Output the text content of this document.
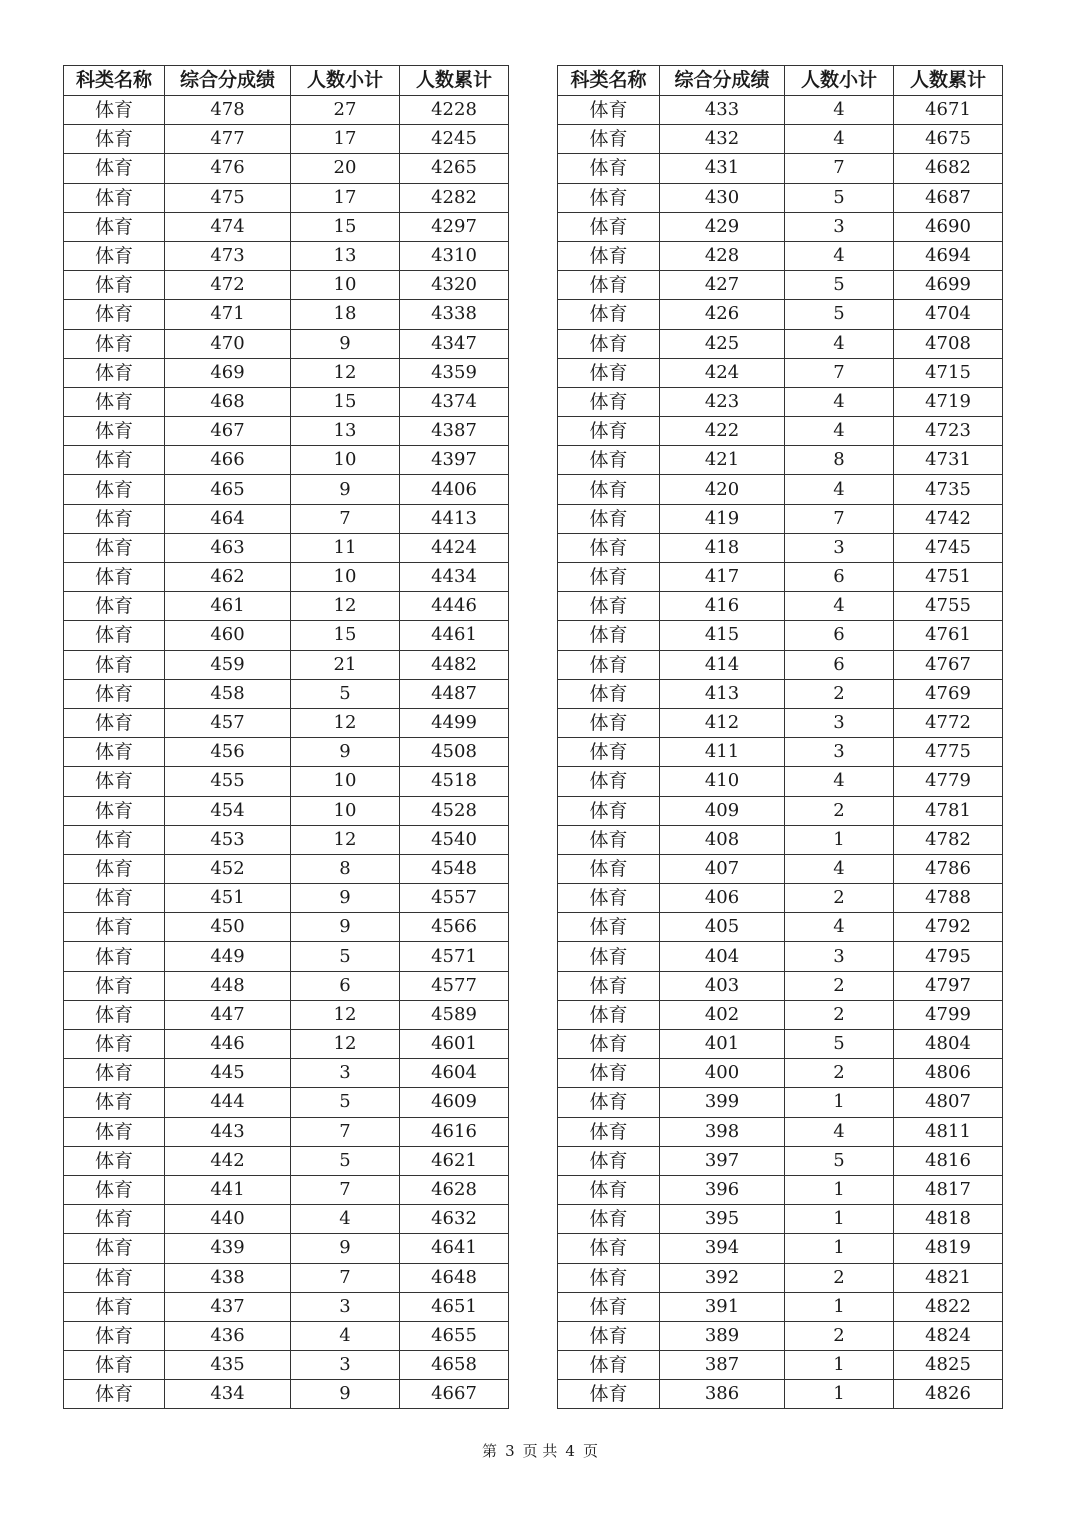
科类名称	综合分成绩	人数小计	人数累计
体育	478	27	4228
体育	477	17	4245
体育	476	20	4265
体育	475	17	4282
体育	474	15	4297
体育	473	13	4310
体育	472	10	4320
体育	471	18	4338
体育	470	9	4347
体育	469	12	4359
体育	468	15	4374
体育	467	13	4387
体育	466	10	4397
体育	465	9	4406
体育	464	7	4413
体育	463	11	4424
体育	462	10	4434
体育	461	12	4446
体育	460	15	4461
体育	459	21	4482
体育	458	5	4487
体育	457	12	4499
体育	456	9	4508
体育	455	10	4518
体育	454	10	4528
体育	453	12	4540
体育	452	8	4548
体育	451	9	4557
体育	450	9	4566
体育	449	5	4571
体育	448	6	4577
体育	447	12	4589
体育	446	12	4601
体育	445	3	4604
体育	444	5	4609
体育	443	7	4616
体育	442	5	4621
体育	441	7	4628
体育	440	4	4632
体育	439	9	4641
体育	438	7	4648
体育	437	3	4651
体育	436	4	4655
体育	435	3	4658
体育	434	9	4667
科类名称	综合分成绩	人数小计	人数累计
体育	433	4	4671
体育	432	4	4675
体育	431	7	4682
体育	430	5	4687
体育	429	3	4690
体育	428	4	4694
体育	427	5	4699
体育	426	5	4704
体育	425	4	4708
体育	424	7	4715
体育	423	4	4719
体育	422	4	4723
体育	421	8	4731
体育	420	4	4735
体育	419	7	4742
体育	418	3	4745
体育	417	6	4751
体育	416	4	4755
体育	415	6	4761
体育	414	6	4767
体育	413	2	4769
体育	412	3	4772
体育	411	3	4775
体育	410	4	4779
体育	409	2	4781
体育	408	1	4782
体育	407	4	4786
体育	406	2	4788
体育	405	4	4792
体育	404	3	4795
体育	403	2	4797
体育	402	2	4799
体育	401	5	4804
体育	400	2	4806
体育	399	1	4807
体育	398	4	4811
体育	397	5	4816
体育	396	1	4817
体育	395	1	4818
体育	394	1	4819
体育	392	2	4821
体育	391	1	4822
体育	389	2	4824
体育	387	1	4825
体育	386	1	4826
第 3 页 共 4 页
